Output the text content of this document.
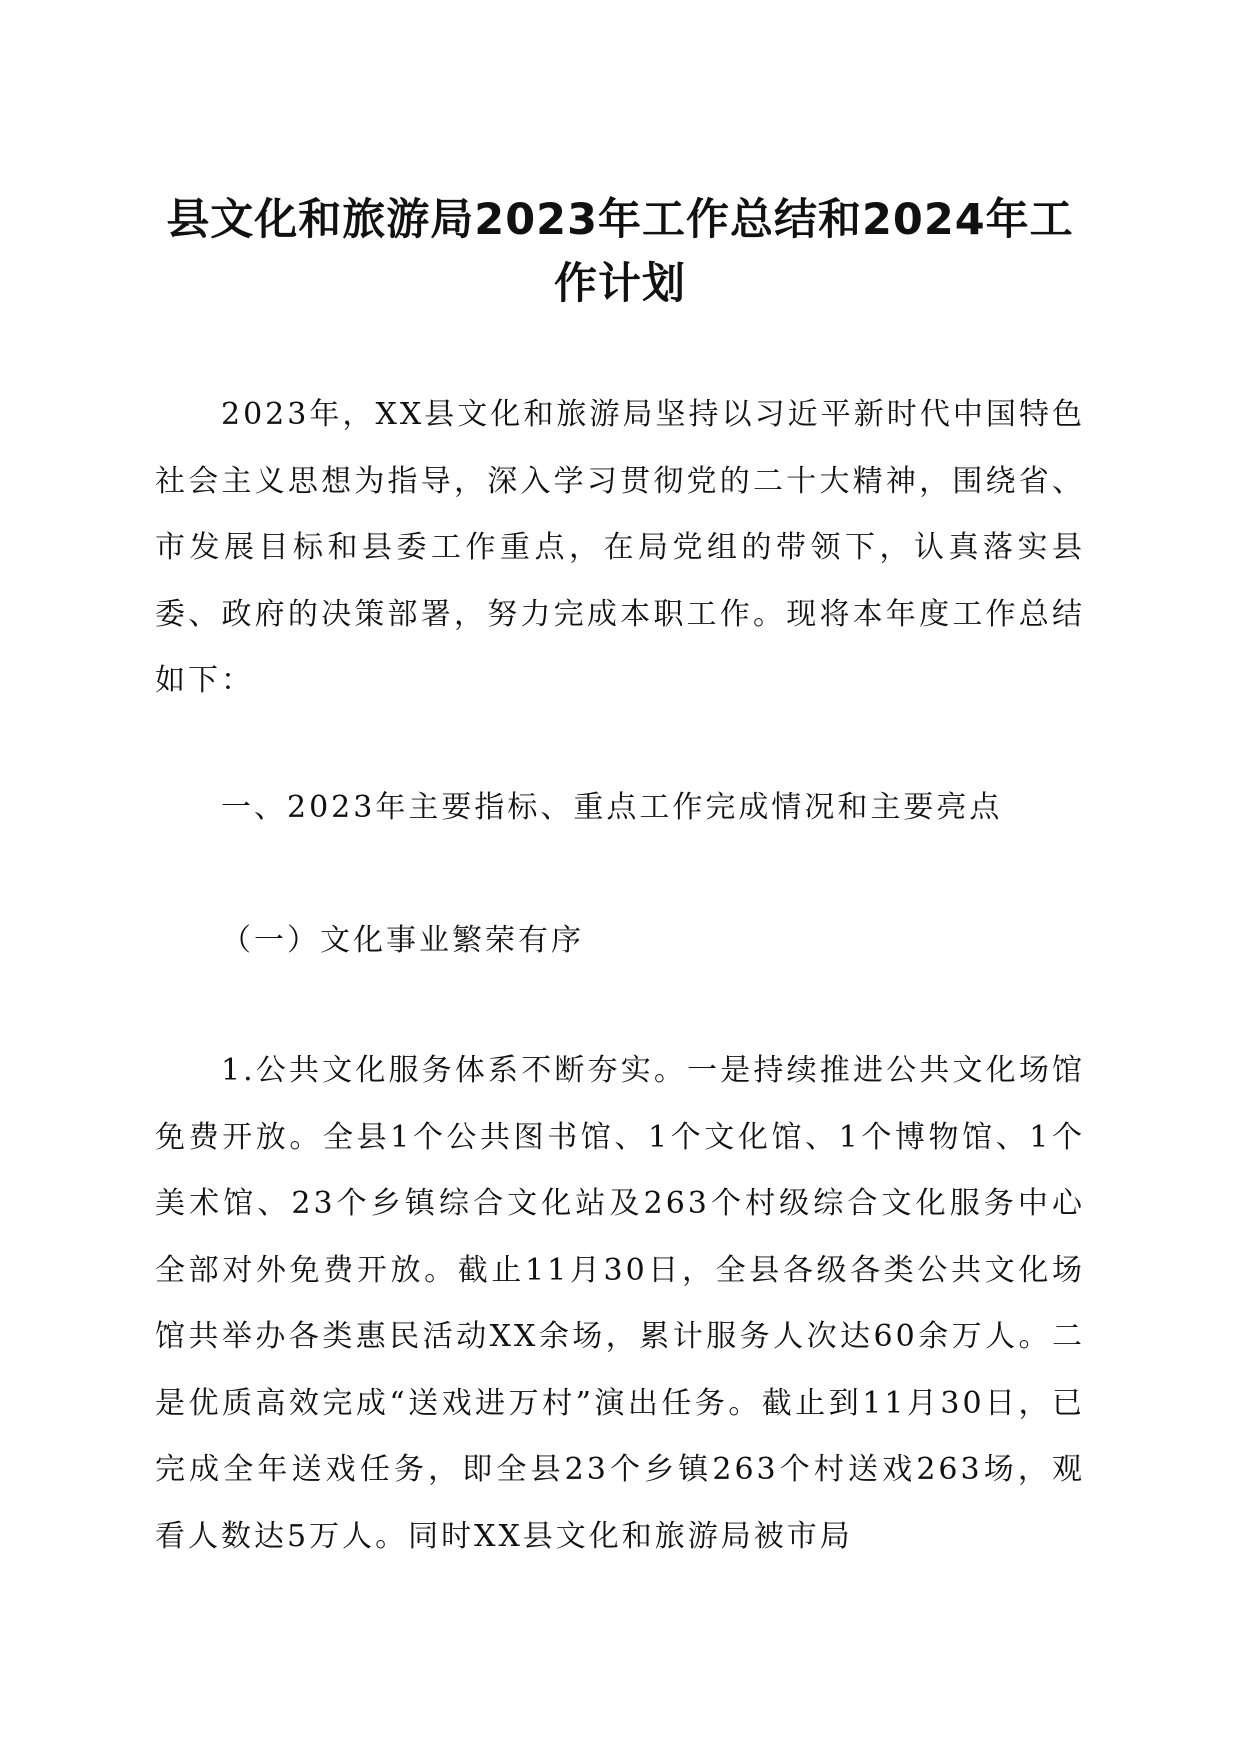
县文化和旅游局2023年工作总结和2024年工
作计划

2023年，XX县文化和旅游局坚持以习近平新时代中国特色社会主义思想为指导，深入学习贯彻党的二十大精神，围绕省、市发展目标和县委工作重点，在局党组的带领下，认真落实县委、政府的决策部署，努力完成本职工作。现将本年度工作总结如下：

一、2023年主要指标、重点工作完成情况和主要亮点

（一）文化事业繁荣有序

1.公共文化服务体系不断夯实。一是持续推进公共文化场馆免费开放。全县1个公共图书馆、1个文化馆、1个博物馆、1个美术馆、23个乡镇综合文化站及263个村级综合文化服务中心全部对外免费开放。截止11月30日，全县各级各类公共文化场馆共举办各类惠民活动XX余场，累计服务人次达60余万人。二是优质高效完成“送戏进万村”演出任务。截止到11月30日，已完成全年送戏任务，即全县23个乡镇263个村送戏263场，观看人数达5万人。同时XX县文化和旅游局被市局
